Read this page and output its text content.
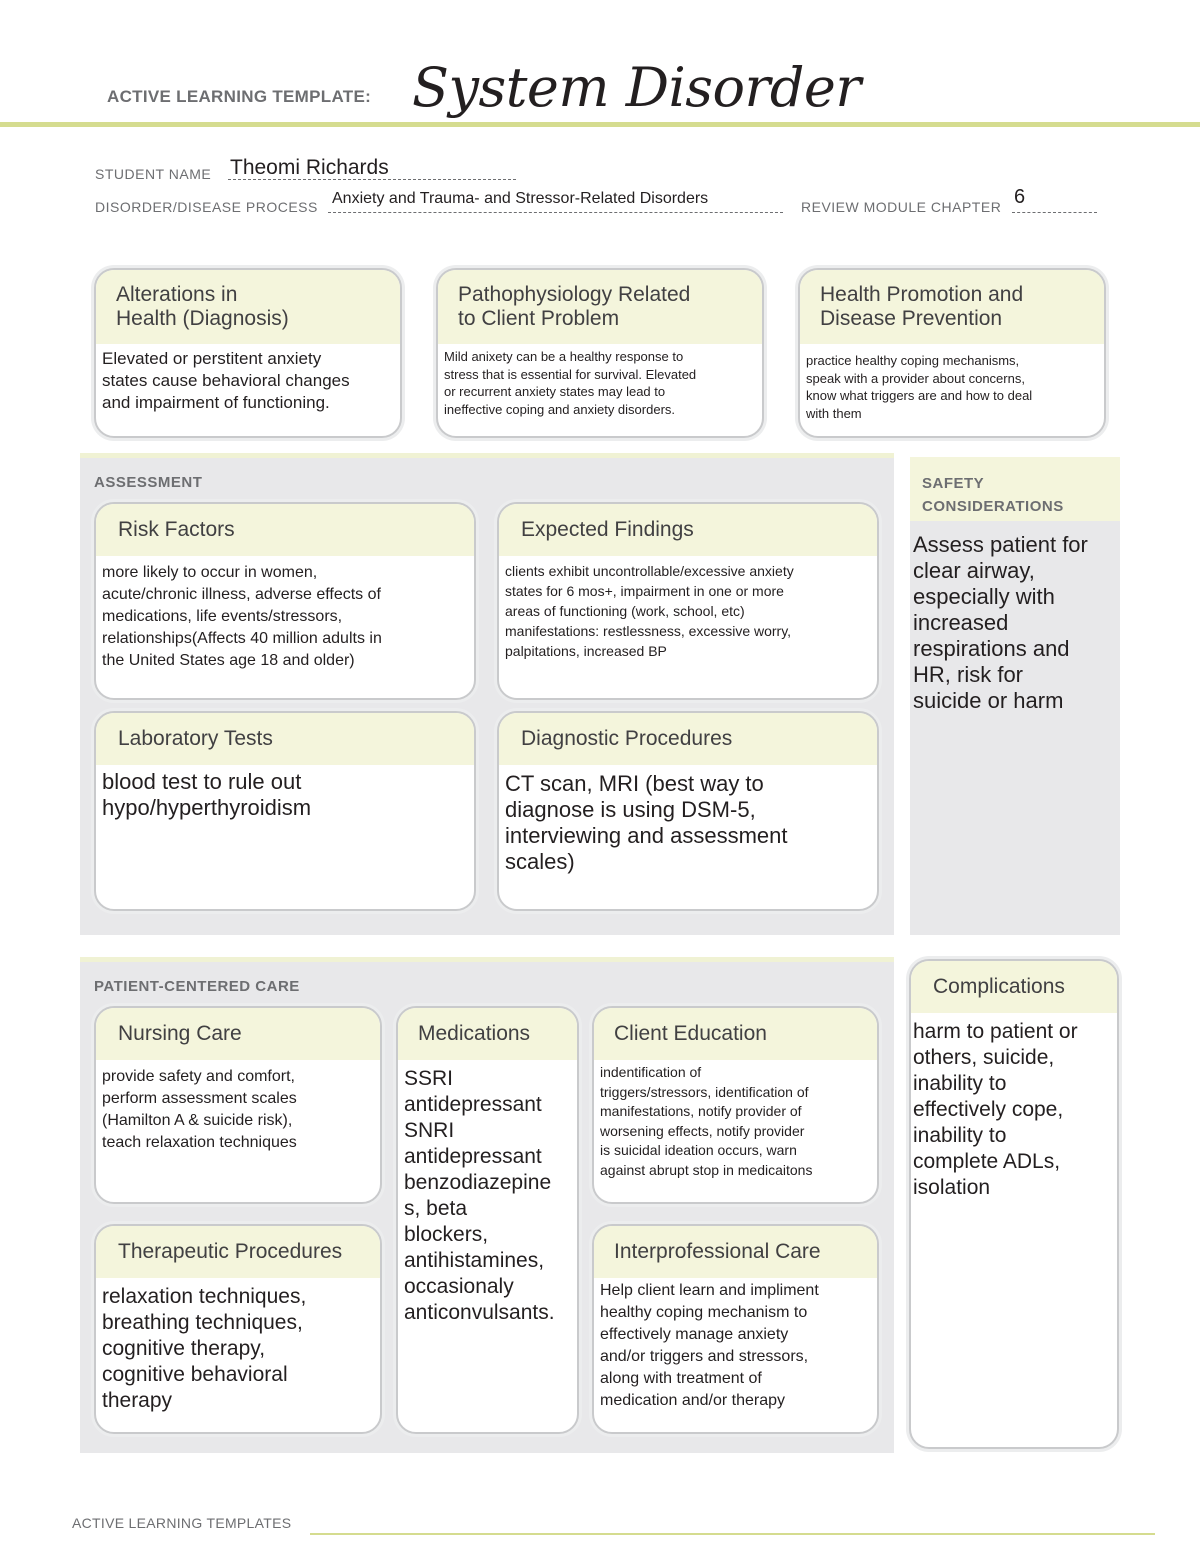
ACTIVE LEARNING TEMPLATE: System Disorder
STUDENT NAME Theomi Richards
DISORDER/DISEASE PROCESS Anxiety and Trauma- and Stressor-Related Disorders	REVIEW MODULE CHAPTER 6
Alterations in
Health (Diagnosis)
Elevated or perstitent anxiety
states cause behavioral changes
and impairment of functioning.
Pathophysiology Related
to Client Problem
Mild anixety can be a healthy response to
stress that is essential for survival. Elevated
or recurrent anxiety states may lead to
ineffective coping and anxiety disorders.
Health Promotion and
Disease Prevention
practice healthy coping mechanisms,
speak with a provider about concerns,
know what triggers are and how to deal
with them
ASSESSMENT
Risk Factors
more likely to occur in women,
acute/chronic illness, adverse effects of
medications, life events/stressors,
relationships(Affects 40 million adults in
the United States age 18 and older)
Expected Findings
clients exhibit uncontrollable/excessive anxiety
states for 6 mos+, impairment in one or more
areas of functioning (work, school, etc)
manifestations: restlessness, excessive worry,
palpitations, increased BP
Laboratory Tests
blood test to rule out
hypo/hyperthyroidism
Diagnostic Procedures
CT scan, MRI (best way to
diagnose is using DSM-5,
interviewing and assessment
scales)
SAFETY
CONSIDERATIONS
Assess patient for
clear airway,
especially with
increased
respirations and
HR, risk for
suicide or harm
PATIENT-CENTERED CARE
Nursing Care
provide safety and comfort,
perform assessment scales
(Hamilton A & suicide risk),
teach relaxation techniques
Medications
SSRI
antidepressant
SNRI
antidepressant
benzodiazepine
s, beta
blockers,
antihistamines,
occasionaly
anticonvulsants.
Client Education
indentification of
triggers/stressors, identification of
manifestations, notify provider of
worsening effects, notify provider
is suicidal ideation occurs, warn
against abrupt stop in medicaitons
Therapeutic Procedures
relaxation techniques,
breathing techniques,
cognitive therapy,
cognitive behavioral
therapy
Interprofessional Care
Help client learn and impliment
healthy coping mechanism to
effectively manage anxiety
and/or triggers and stressors,
along with treatment of
medication and/or therapy
Complications
harm to patient or
others, suicide,
inability to
effectively cope,
inability to
complete ADLs,
isolation
ACTIVE LEARNING TEMPLATES
